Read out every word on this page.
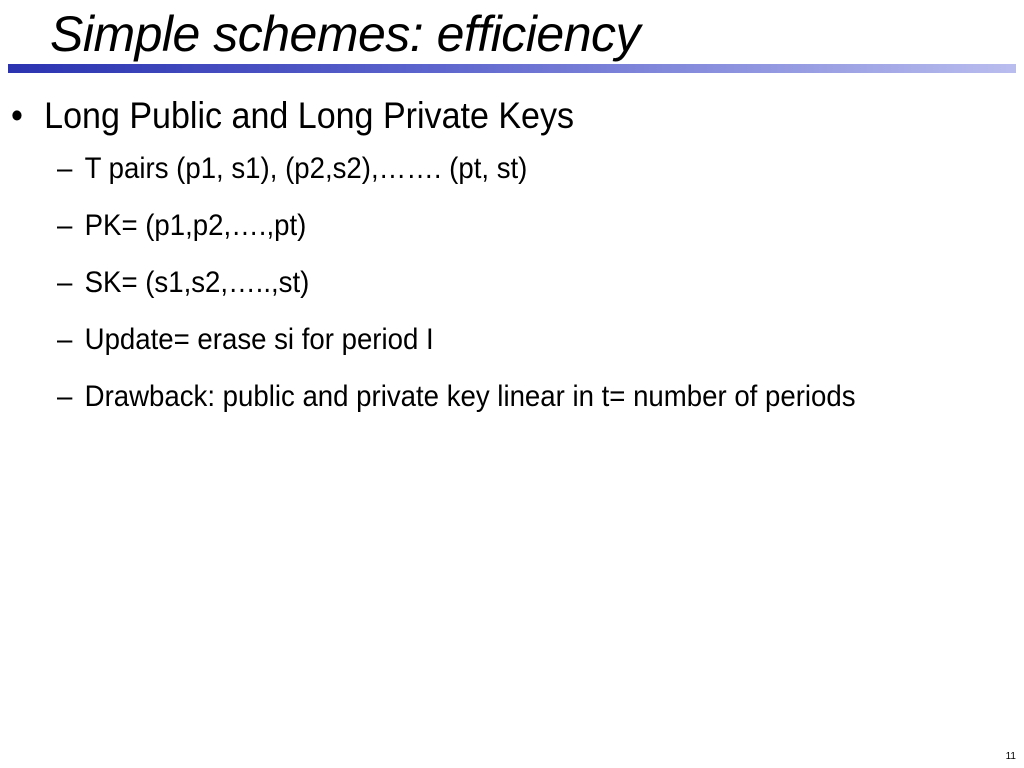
Simple schemes: efficiency
• Long Public and Long Private Keys
– T pairs (p1, s1), (p2,s2),……. (pt, st)
– PK= (p1,p2,….,pt)
– SK= (s1,s2,…..,st)
– Update= erase si for period I
– Drawback: public and private key linear in t= number of periods
11
